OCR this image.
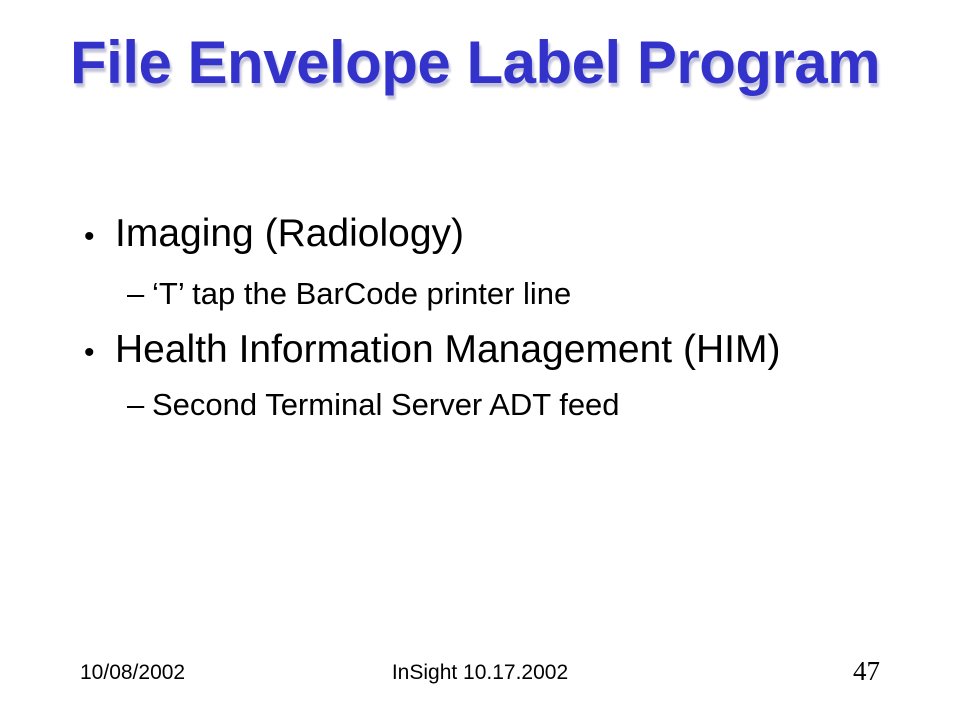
File Envelope Label Program
• Imaging (Radiology)
– ‘T’ tap the BarCode printer line
• Health Information Management (HIM)
– Second Terminal Server ADT feed
10/08/2002	InSight 10.17.2002	47
